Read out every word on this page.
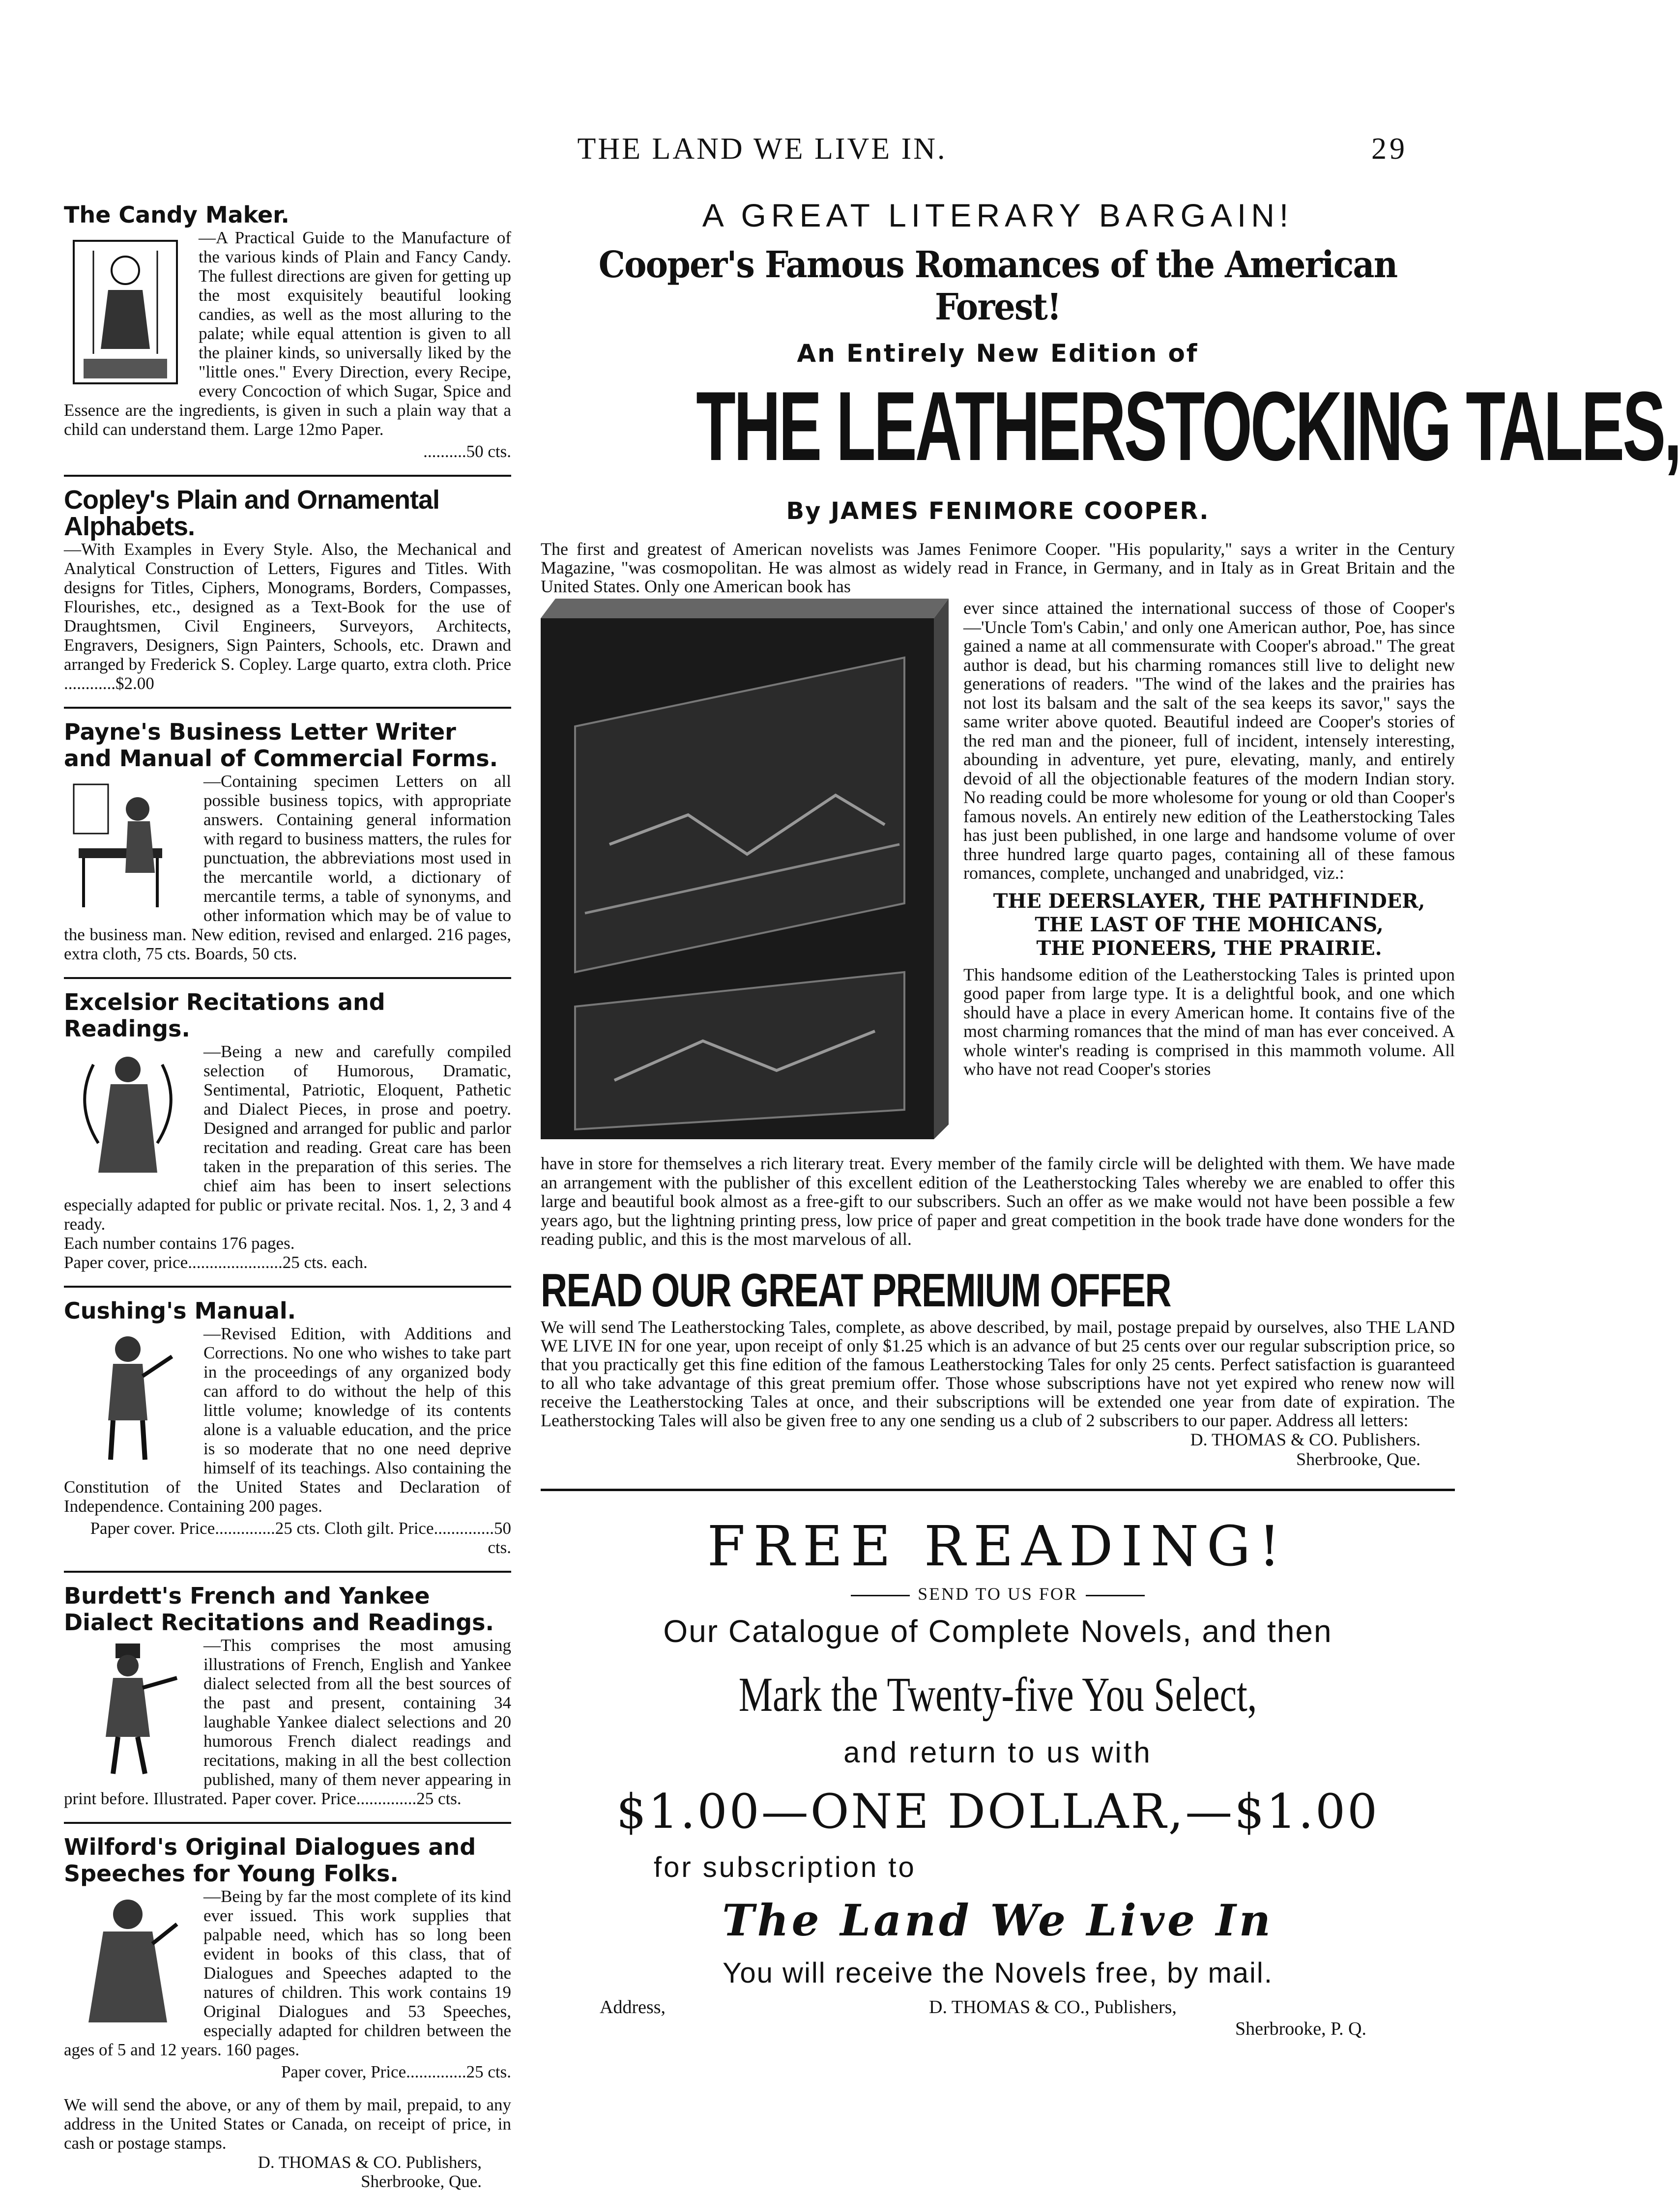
THE LAND WE LIVE IN.	29
The Candy Maker.
—A Practical Guide to the Manufacture of the various kinds of Plain and Fancy Candy. The fullest directions are given for getting up the most exquisitely beautiful looking candies, as well as the most alluring to the palate; while equal attention is given to all the plainer kinds, so universally liked by the "little ones." Every Direction, every Recipe, every Concoction of which Sugar, Spice and Essence are the ingredients, is given in such a plain way that a child can understand them. Large 12mo Paper.
..........50 cts.
Copley's Plain and Ornamental Alphabets.
—With Examples in Every Style. Also, the Mechanical and Analytical Construction of Letters, Figures and Titles. With designs for Titles, Ciphers, Monograms, Borders, Compasses, Flourishes, etc., designed as a Text-Book for the use of Draughtsmen, Civil Engineers, Surveyors, Architects, Engravers, Designers, Sign Painters, Schools, etc. Drawn and arranged by Frederick S. Copley. Large quarto, extra cloth. Price ............$2.00
Payne's Business Letter Writer and Manual of Commercial Forms.
—Containing specimen Letters on all possible business topics, with appropriate answers. Containing general information with regard to business matters, the rules for punctuation, the abbreviations most used in the mercantile world, a dictionary of mercantile terms, a table of synonyms, and other information which may be of value to the business man. New edition, revised and enlarged. 216 pages, extra cloth, 75 cts. Boards, 50 cts.
Excelsior Recitations and Readings.
—Being a new and carefully compiled selection of Humorous, Dramatic, Sentimental, Patriotic, Eloquent, Pathetic and Dialect Pieces, in prose and poetry. Designed and arranged for public and parlor recitation and reading. Great care has been taken in the preparation of this series. The chief aim has been to insert selections especially adapted for public or private recital. Nos. 1, 2, 3 and 4 ready.
Each number contains 176 pages.
Paper cover, price......................25 cts. each.
Cushing's Manual.
—Revised Edition, with Additions and Corrections. No one who wishes to take part in the proceedings of any organized body can afford to do without the help of this little volume; knowledge of its contents alone is a valuable education, and the price is so moderate that no one need deprive himself of its teachings. Also containing the Constitution of the United States and Declaration of Independence. Containing 200 pages.
Paper cover. Price..............25 cts. Cloth gilt. Price..............50 cts.
Burdett's French and Yankee Dialect Recitations and Readings.
—This comprises the most amusing illustrations of French, English and Yankee dialect selected from all the best sources of the past and present, containing 34 laughable Yankee dialect selections and 20 humorous French dialect readings and recitations, making in all the best collection published, many of them never appearing in print before. Illustrated. Paper cover. Price..............25 cts.
Wilford's Original Dialogues and Speeches for Young Folks.
—Being by far the most complete of its kind ever issued. This work supplies that palpable need, which has so long been evident in books of this class, that of Dialogues and Speeches adapted to the natures of children. This work contains 19 Original Dialogues and 53 Speeches, especially adapted for children between the ages of 5 and 12 years. 160 pages.
Paper cover, Price..............25 cts.
We will send the above, or any of them by mail, prepaid, to any address in the United States or Canada, on receipt of price, in cash or postage stamps.
D. THOMAS & CO. Publishers,
Sherbrooke, Que.
A GREAT LITERARY BARGAIN!
Cooper's Famous Romances of the American Forest!
An Entirely New Edition of
THE LEATHERSTOCKING TALES,
By JAMES FENIMORE COOPER.
The first and greatest of American novelists was James Fenimore Cooper. "His popularity," says a writer in the Century Magazine, "was cosmopolitan. He was almost as widely read in France, in Germany, and in Italy as in Great Britain and the United States. Only one American book has
ever since attained the international success of those of Cooper's—'Uncle Tom's Cabin,' and only one American author, Poe, has since gained a name at all commensurate with Cooper's abroad." The great author is dead, but his charming romances still live to delight new generations of readers. "The wind of the lakes and the prairies has not lost its balsam and the salt of the sea keeps its savor," says the same writer above quoted. Beautiful indeed are Cooper's stories of the red man and the pioneer, full of incident, intensely interesting, abounding in adventure, yet pure, elevating, manly, and entirely devoid of all the objectionable features of the modern Indian story. No reading could be more wholesome for young or old than Cooper's famous novels. An entirely new edition of the Leatherstocking Tales has just been published, in one large and handsome volume of over three hundred large quarto pages, containing all of these famous romances, complete, unchanged and unabridged, viz.:
THE DEERSLAYER, THE PATHFINDER,
THE LAST OF THE MOHICANS,
THE PIONEERS, THE PRAIRIE.
This handsome edition of the Leatherstocking Tales is printed upon good paper from large type. It is a delightful book, and one which should have a place in every American home. It contains five of the most charming romances that the mind of man has ever conceived. A whole winter's reading is comprised in this mammoth volume. All who have not read Cooper's stories
have in store for themselves a rich literary treat. Every member of the family circle will be delighted with them. We have made an arrangement with the publisher of this excellent edition of the Leatherstocking Tales whereby we are enabled to offer this large and beautiful book almost as a free-gift to our subscribers. Such an offer as we make would not have been possible a few years ago, but the lightning printing press, low price of paper and great competition in the book trade have done wonders for the reading public, and this is the most marvelous of all.
READ OUR GREAT PREMIUM OFFER
We will send The Leatherstocking Tales, complete, as above described, by mail, postage prepaid by ourselves, also THE LAND WE LIVE IN for one year, upon receipt of only $1.25 which is an advance of but 25 cents over our regular subscription price, so that you practically get this fine edition of the famous Leatherstocking Tales for only 25 cents. Perfect satisfaction is guaranteed to all who take advantage of this great premium offer. Those whose subscriptions have not yet expired who renew now will receive the Leatherstocking Tales at once, and their subscriptions will be extended one year from date of expiration. The Leatherstocking Tales will also be given free to any one sending us a club of 2 subscribers to our paper. Address all letters:
D. THOMAS & CO. Publishers.
Sherbrooke, Que.
FREE READING!
SEND TO US FOR
Our Catalogue of Complete Novels, and then
Mark the Twenty-five You Select,
and return to us with
$1.00—ONE DOLLAR,—$1.00
for subscription to
The Land We Live In
You will receive the Novels free, by mail.
Address,	D. THOMAS & CO., Publishers,
Sherbrooke, P. Q.
